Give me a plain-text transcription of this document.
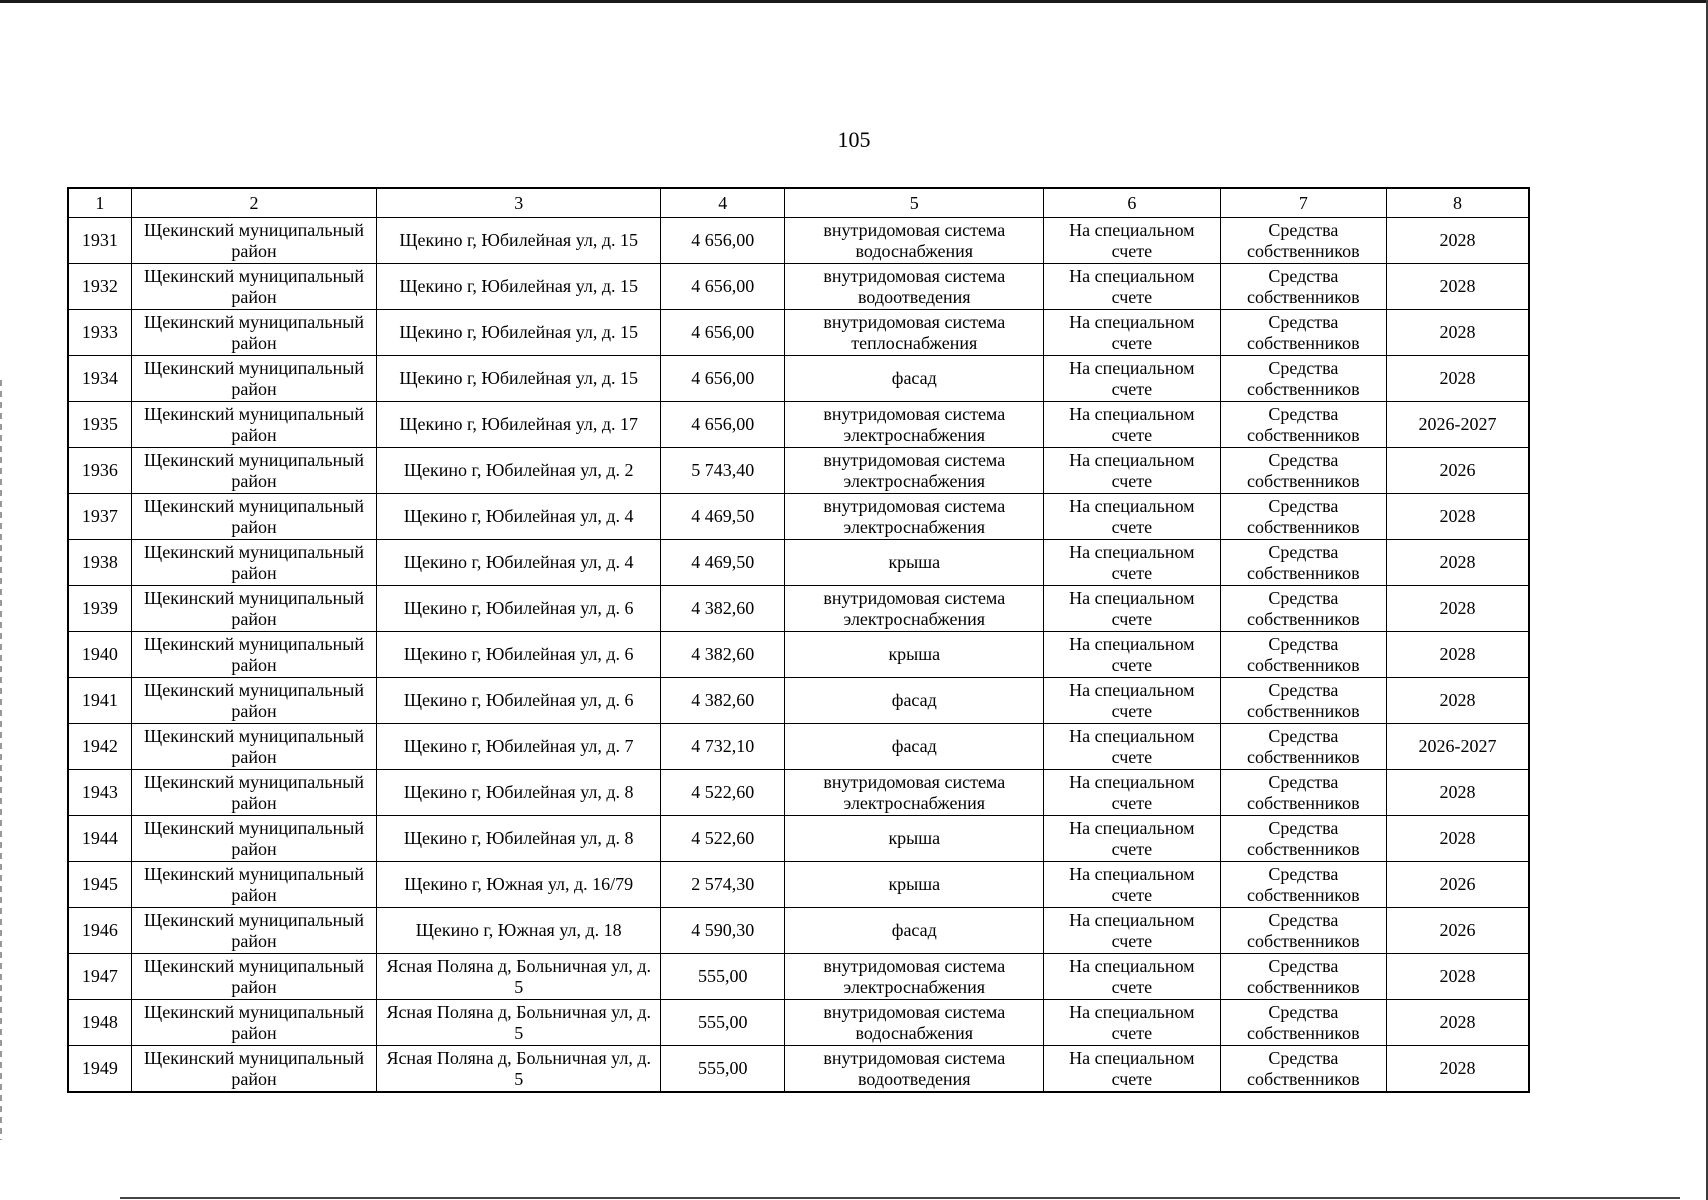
105
1	2	3	4	5	6	7	8
1931	Щекинский муниципальный район	Щекино г, Юбилейная ул, д. 15	4 656,00	внутридомовая система водоснабжения	На специальном счете	Средства собственников	2028
1932	Щекинский муниципальный район	Щекино г, Юбилейная ул, д. 15	4 656,00	внутридомовая система водоотведения	На специальном счете	Средства собственников	2028
1933	Щекинский муниципальный район	Щекино г, Юбилейная ул, д. 15	4 656,00	внутридомовая система теплоснабжения	На специальном счете	Средства собственников	2028
1934	Щекинский муниципальный район	Щекино г, Юбилейная ул, д. 15	4 656,00	фасад	На специальном счете	Средства собственников	2028
1935	Щекинский муниципальный район	Щекино г, Юбилейная ул, д. 17	4 656,00	внутридомовая система электроснабжения	На специальном счете	Средства собственников	2026-2027
1936	Щекинский муниципальный район	Щекино г, Юбилейная ул, д. 2	5 743,40	внутридомовая система электроснабжения	На специальном счете	Средства собственников	2026
1937	Щекинский муниципальный район	Щекино г, Юбилейная ул, д. 4	4 469,50	внутридомовая система электроснабжения	На специальном счете	Средства собственников	2028
1938	Щекинский муниципальный район	Щекино г, Юбилейная ул, д. 4	4 469,50	крыша	На специальном счете	Средства собственников	2028
1939	Щекинский муниципальный район	Щекино г, Юбилейная ул, д. 6	4 382,60	внутридомовая система электроснабжения	На специальном счете	Средства собственников	2028
1940	Щекинский муниципальный район	Щекино г, Юбилейная ул, д. 6	4 382,60	крыша	На специальном счете	Средства собственников	2028
1941	Щекинский муниципальный район	Щекино г, Юбилейная ул, д. 6	4 382,60	фасад	На специальном счете	Средства собственников	2028
1942	Щекинский муниципальный район	Щекино г, Юбилейная ул, д. 7	4 732,10	фасад	На специальном счете	Средства собственников	2026-2027
1943	Щекинский муниципальный район	Щекино г, Юбилейная ул, д. 8	4 522,60	внутридомовая система электроснабжения	На специальном счете	Средства собственников	2028
1944	Щекинский муниципальный район	Щекино г, Юбилейная ул, д. 8	4 522,60	крыша	На специальном счете	Средства собственников	2028
1945	Щекинский муниципальный район	Щекино г, Южная ул, д. 16/79	2 574,30	крыша	На специальном счете	Средства собственников	2026
1946	Щекинский муниципальный район	Щекино г, Южная ул, д. 18	4 590,30	фасад	На специальном счете	Средства собственников	2026
1947	Щекинский муниципальный район	Ясная Поляна д, Больничная ул, д. 5	555,00	внутридомовая система электроснабжения	На специальном счете	Средства собственников	2028
1948	Щекинский муниципальный район	Ясная Поляна д, Больничная ул, д. 5	555,00	внутридомовая система водоснабжения	На специальном счете	Средства собственников	2028
1949	Щекинский муниципальный район	Ясная Поляна д, Больничная ул, д. 5	555,00	внутридомовая система водоотведения	На специальном счете	Средства собственников	2028
